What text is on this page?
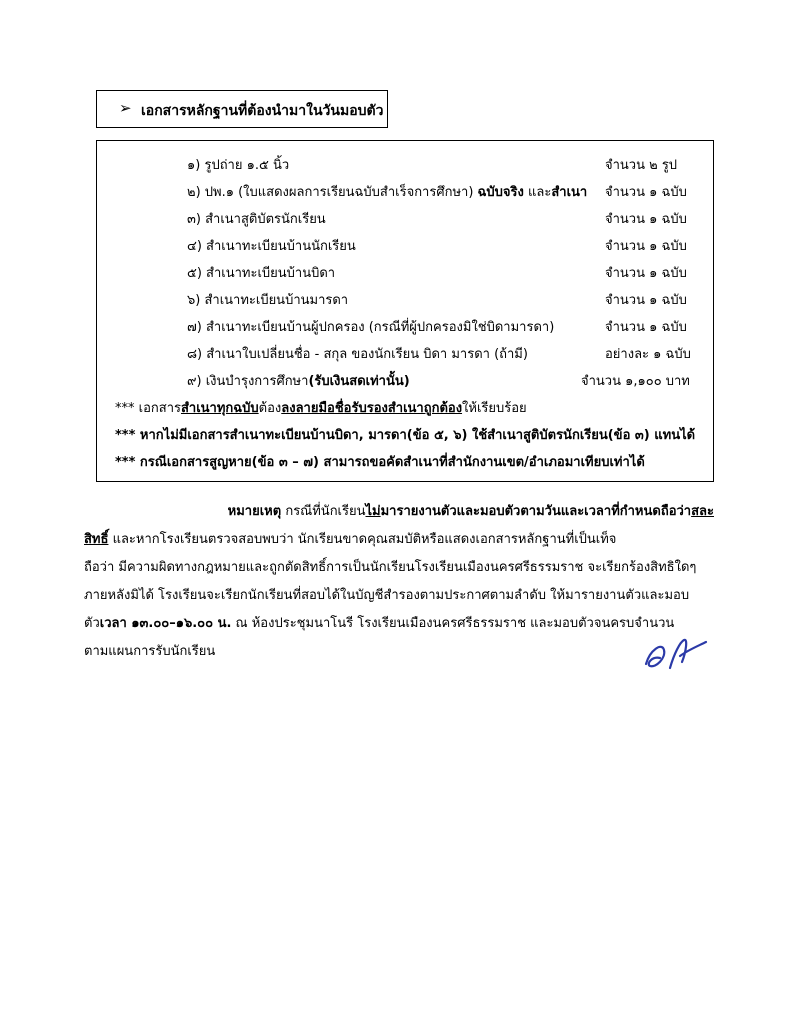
➢ เอกสารหลักฐานที่ต้องนำมาในวันมอบตัว
๑) รูปถ่าย ๑.๕ นิ้ว	จำนวน ๒ รูป
๒) ปพ.๑ (ใบแสดงผลการเรียนฉบับสำเร็จการศึกษา) ฉบับจริง และสำเนา จำนวน ๑ ฉบับ
๓) สำเนาสูติบัตรนักเรียน	จำนวน ๑ ฉบับ
๔) สำเนาทะเบียนบ้านนักเรียน	จำนวน ๑ ฉบับ
๕) สำเนาทะเบียนบ้านบิดา	จำนวน ๑ ฉบับ
๖) สำเนาทะเบียนบ้านมารดา	จำนวน ๑ ฉบับ
๗) สำเนาทะเบียนบ้านผู้ปกครอง (กรณีที่ผู้ปกครองมิใช่บิดามารดา)	จำนวน ๑ ฉบับ
๘) สำเนาใบเปลี่ยนชื่อ - สกุล ของนักเรียน บิดา มารดา (ถ้ามี)	อย่างละ ๑ ฉบับ
๙) เงินบำรุงการศึกษา(รับเงินสดเท่านั้น)	จำนวน ๑,๑๐๐ บาท
*** เอกสารสำเนาทุกฉบับต้องลงลายมือชื่อรับรองสำเนาถูกต้องให้เรียบร้อย
*** หากไม่มีเอกสารสำเนาทะเบียนบ้านบิดา, มารดา(ข้อ ๕, ๖) ใช้สำเนาสูติบัตรนักเรียน(ข้อ ๓) แทนได้
*** กรณีเอกสารสูญหาย(ข้อ ๓ – ๗) สามารถขอคัดสำเนาที่สำนักงานเขต/อำเภอมาเทียบเท่าได้
หมายเหตุ กรณีที่นักเรียนไม่มารายงานตัวและมอบตัวตามวันและเวลาที่กำหนดถือว่าสละ
สิทธิ์ และหากโรงเรียนตรวจสอบพบว่า นักเรียนขาดคุณสมบัติหรือแสดงเอกสารหลักฐานที่เป็นเท็จ
ถือว่า มีความผิดทางกฎหมายและถูกตัดสิทธิ์การเป็นนักเรียนโรงเรียนเมืองนครศรีธรรมราช จะเรียกร้องสิทธิใดๆ
ภายหลังมิได้ โรงเรียนจะเรียกนักเรียนที่สอบได้ในบัญชีสำรองตามประกาศตามลำดับ ให้มารายงานตัวและมอบ
ตัวเวลา ๑๓.๐๐–๑๖.๐๐ น. ณ ห้องประชุมนาโนรี โรงเรียนเมืองนครศรีธรรมราช และมอบตัวจนครบจำนวน
ตามแผนการรับนักเรียน
